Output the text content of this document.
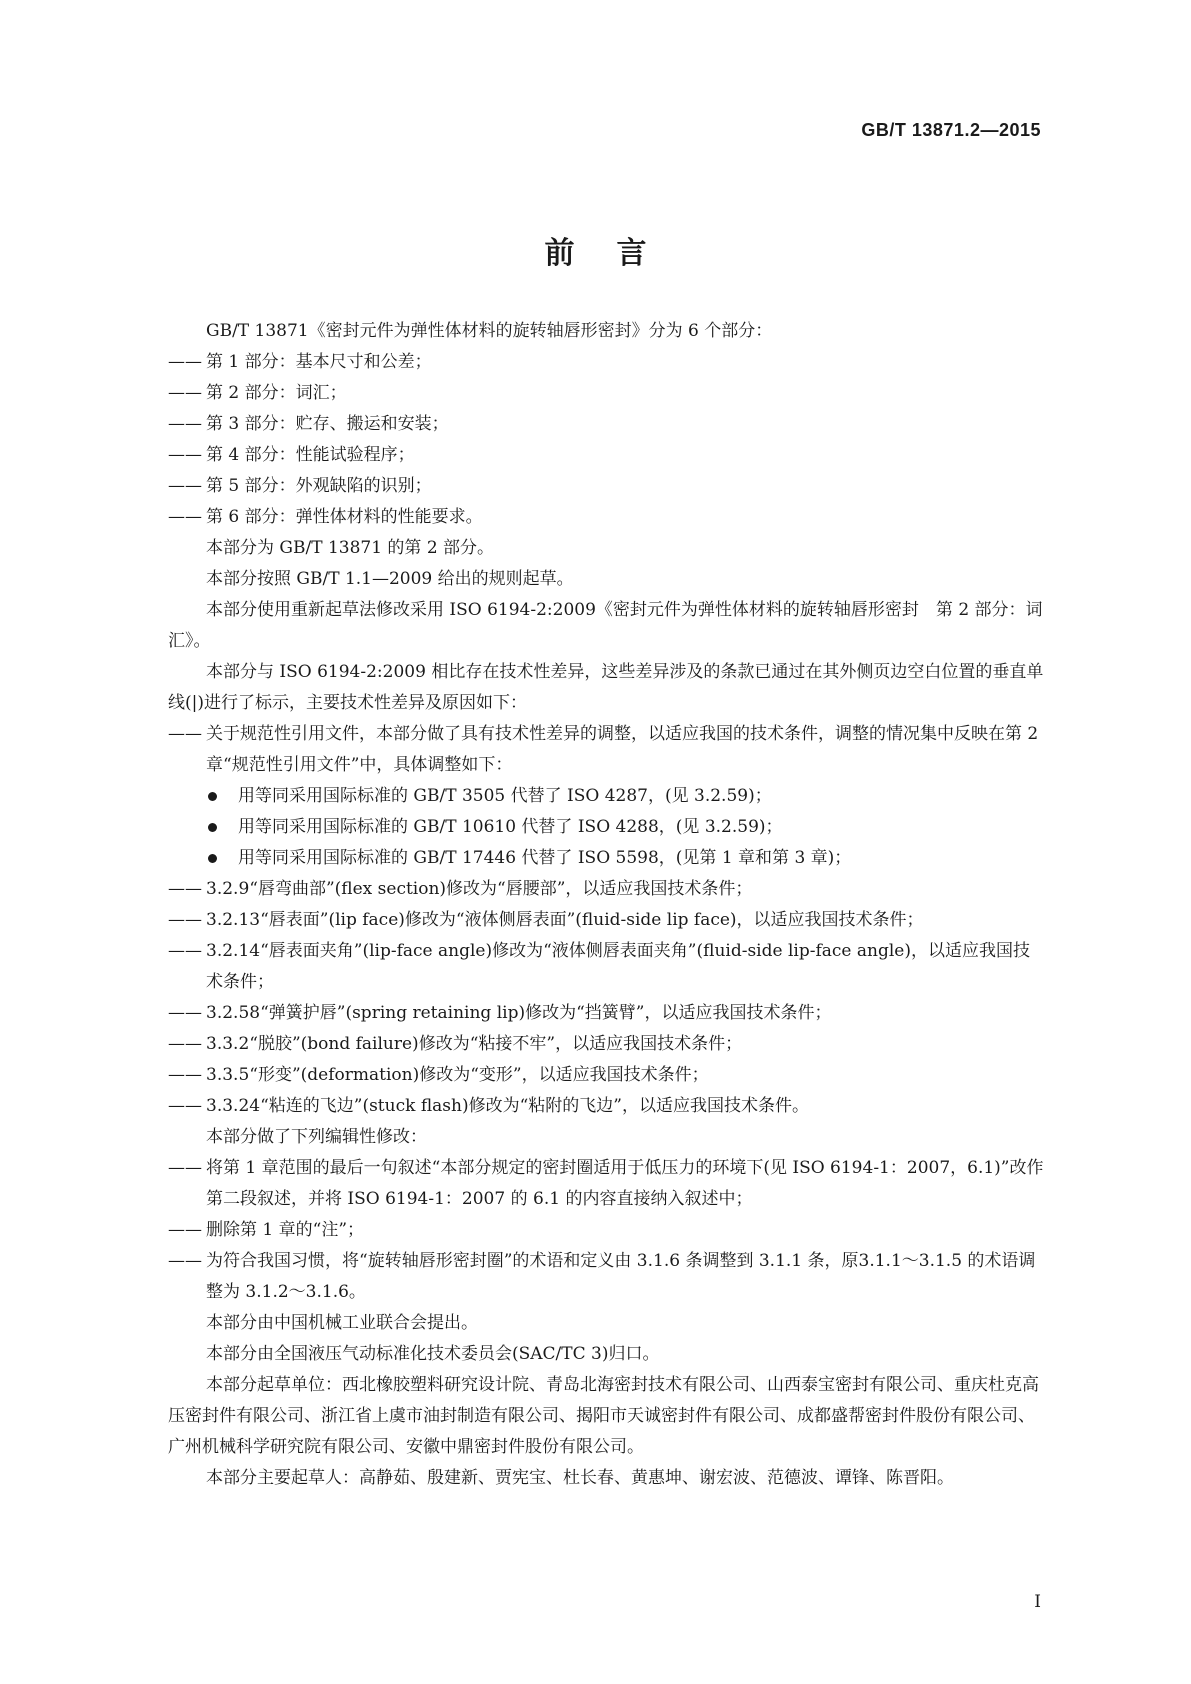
GB/T 13871.2—2015
前言

GB/T 13871《密封元件为弹性体材料的旋转轴唇形密封》分为 6 个部分：

—— 第 1 部分：基本尺寸和公差；

—— 第 2 部分：词汇；

—— 第 3 部分：贮存、搬运和安装；

—— 第 4 部分：性能试验程序；

—— 第 5 部分：外观缺陷的识别；

—— 第 6 部分：弹性体材料的性能要求。

本部分为 GB/T 13871 的第 2 部分。

本部分按照 GB/T 1.1—2009 给出的规则起草。

本部分使用重新起草法修改采用 ISO 6194-2:2009《密封元件为弹性体材料的旋转轴唇形密封　第 2 部分：词汇》。

本部分与 ISO 6194-2:2009 相比存在技术性差异，这些差异涉及的条款已通过在其外侧页边空白位置的垂直单线(|)进行了标示，主要技术性差异及原因如下：

—— 关于规范性引用文件，本部分做了具有技术性差异的调整，以适应我国的技术条件，调整的情况集中反映在第 2 章“规范性引用文件”中，具体调整如下：

用等同采用国际标准的 GB/T 3505 代替了 ISO 4287，(见 3.2.59)；

用等同采用国际标准的 GB/T 10610 代替了 ISO 4288，(见 3.2.59)；

用等同采用国际标准的 GB/T 17446 代替了 ISO 5598，(见第 1 章和第 3 章)；

—— 3.2.9“唇弯曲部”(flex section)修改为“唇腰部”，以适应我国技术条件；

—— 3.2.13“唇表面”(lip face)修改为“液体侧唇表面”(fluid-side lip face)，以适应我国技术条件；

—— 3.2.14“唇表面夹角”(lip-face angle)修改为“液体侧唇表面夹角”(fluid-side lip-face angle)，以适应我国技术条件；

—— 3.2.58“弹簧护唇”(spring retaining lip)修改为“挡簧臂”，以适应我国技术条件；

—— 3.3.2“脱胶”(bond failure)修改为“粘接不牢”，以适应我国技术条件；

—— 3.3.5“形变”(deformation)修改为“变形”，以适应我国技术条件；

—— 3.3.24“粘连的飞边”(stuck flash)修改为“粘附的飞边”，以适应我国技术条件。

本部分做了下列编辑性修改：

—— 将第 1 章范围的最后一句叙述“本部分规定的密封圈适用于低压力的环境下(见 ISO 6194-1：2007，6.1)”改作第二段叙述，并将 ISO 6194-1：2007 的 6.1 的内容直接纳入叙述中；

—— 删除第 1 章的“注”；

—— 为符合我国习惯，将“旋转轴唇形密封圈”的术语和定义由 3.1.6 条调整到 3.1.1 条，原3.1.1～3.1.5 的术语调整为 3.1.2～3.1.6。

本部分由中国机械工业联合会提出。

本部分由全国液压气动标准化技术委员会(SAC/TC 3)归口。

本部分起草单位：西北橡胶塑料研究设计院、青岛北海密封技术有限公司、山西泰宝密封有限公司、重庆杜克高压密封件有限公司、浙江省上虞市油封制造有限公司、揭阳市天诚密封件有限公司、成都盛帮密封件股份有限公司、广州机械科学研究院有限公司、安徽中鼎密封件股份有限公司。

本部分主要起草人：高静茹、殷建新、贾宪宝、杜长春、黄惠坤、谢宏波、范德波、谭锋、陈晋阳。

I
